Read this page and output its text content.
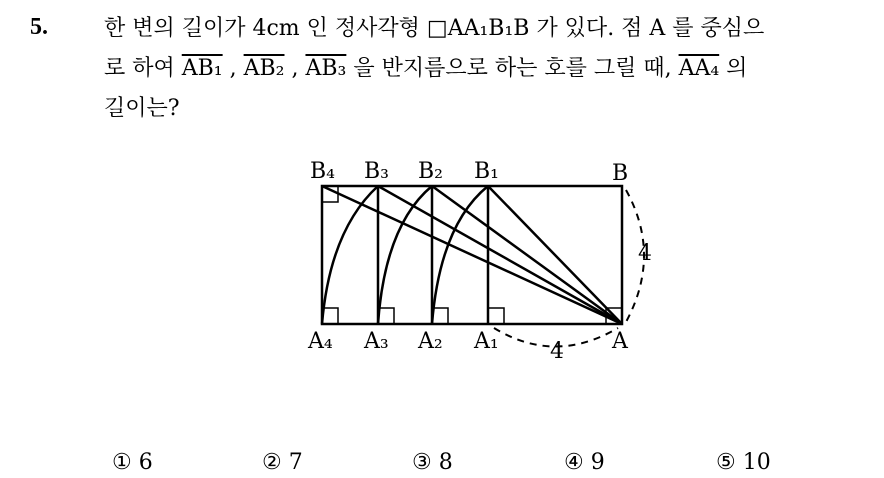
5.	한 변의 길이가 4cm 인 정사각형 □AA₁B₁B 가 있다. 점 A 를 중심으
로 하여 AB₁ , AB₂ , AB₃ 을 반지름으로 하는 호를 그릴 때, AA₄ 의
길이는?
B₄ B₃ B₂ B₁	B
A₄ A₃ A₂ A₁	A
4
4
① 6	② 7	③ 8	④ 9	⑤ 10
